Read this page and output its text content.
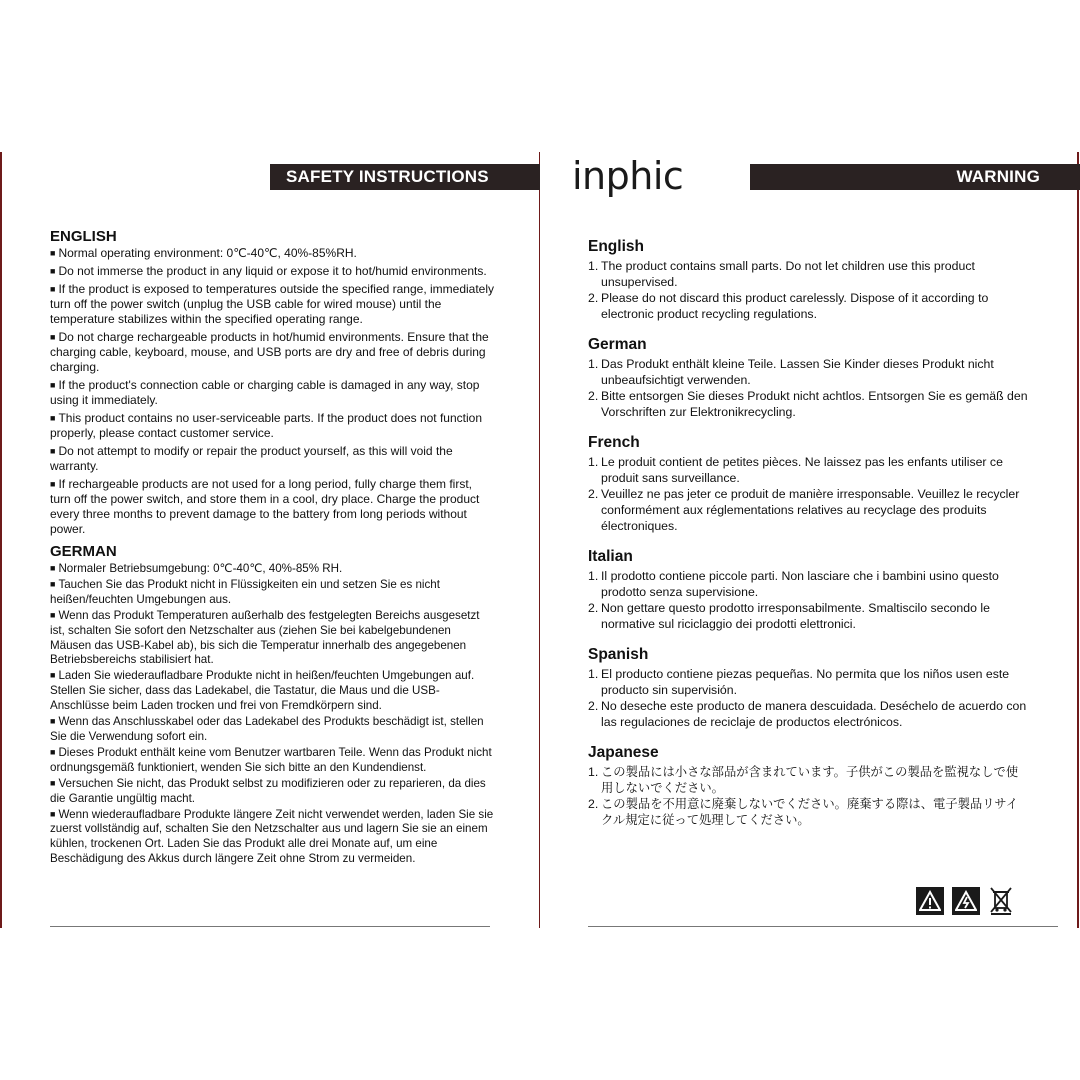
SAFETY INSTRUCTIONS
ENGLISH

■ Normal operating environment: 0℃-40℃, 40%-85%RH.

■ Do not immerse the product in any liquid or expose it to hot/humid environments.

■ If the product is exposed to temperatures outside the specified range, immediately turn off the power switch (unplug the USB cable for wired mouse) until the temperature stabilizes within the specified operating range.

■ Do not charge rechargeable products in hot/humid environments. Ensure that the charging cable, keyboard, mouse, and USB ports are dry and free of debris during charging.

■ If the product's connection cable or charging cable is damaged in any way, stop using it immediately.

■ This product contains no user-serviceable parts. If the product does not function properly, please contact customer service.

■ Do not attempt to modify or repair the product yourself, as this will void the warranty.

■ If rechargeable products are not used for a long period, fully charge them first, turn off the power switch, and store them in a cool, dry place. Charge the product every three months to prevent damage to the battery from long periods without power.

GERMAN

■ Normaler Betriebsumgebung: 0℃-40℃, 40%-85% RH.

■ Tauchen Sie das Produkt nicht in Flüssigkeiten ein und setzen Sie es nicht heißen/feuchten Umgebungen aus.

■ Wenn das Produkt Temperaturen außerhalb des festgelegten Bereichs ausgesetzt ist, schalten Sie sofort den Netzschalter aus (ziehen Sie bei kabelgebundenen Mäusen das USB-Kabel ab), bis sich die Temperatur innerhalb des angegebenen Betriebsbereichs stabilisiert hat.

■ Laden Sie wiederaufladbare Produkte nicht in heißen/feuchten Umgebungen auf. Stellen Sie sicher, dass das Ladekabel, die Tastatur, die Maus und die USB-Anschlüsse beim Laden trocken und frei von Fremdkörpern sind.

■ Wenn das Anschlusskabel oder das Ladekabel des Produkts beschädigt ist, stellen Sie die Verwendung sofort ein.

■ Dieses Produkt enthält keine vom Benutzer wartbaren Teile. Wenn das Produkt nicht ordnungsgemäß funktioniert, wenden Sie sich bitte an den Kundendienst.

■ Versuchen Sie nicht, das Produkt selbst zu modifizieren oder zu reparieren, da dies die Garantie ungültig macht.

■ Wenn wiederaufladbare Produkte längere Zeit nicht verwendet werden, laden Sie sie zuerst vollständig auf, schalten Sie den Netzschalter aus und lagern Sie sie an einem kühlen, trockenen Ort. Laden Sie das Produkt alle drei Monate auf, um eine Beschädigung des Akkus durch längere Zeit ohne Strom zu vermeiden.

inphic	WARNING
English
1. The product contains small parts. Do not let children use this product unsupervised.
2. Please do not discard this product carelessly. Dispose of it according to electronic product recycling regulations.
German
1. Das Produkt enthält kleine Teile. Lassen Sie Kinder dieses Produkt nicht unbeaufsichtigt verwenden.
2. Bitte entsorgen Sie dieses Produkt nicht achtlos. Entsorgen Sie es gemäß den Vorschriften zur Elektronikrecycling.
French
1. Le produit contient de petites pièces. Ne laissez pas les enfants utiliser ce produit sans surveillance.
2. Veuillez ne pas jeter ce produit de manière irresponsable. Veuillez le recycler conformément aux réglementations relatives au recyclage des produits électroniques.
Italian
1. Il prodotto contiene piccole parti. Non lasciare che i bambini usino questo prodotto senza supervisione.
2. Non gettare questo prodotto irresponsabilmente. Smaltiscilo secondo le normative sul riciclaggio dei prodotti elettronici.
Spanish
1. El producto contiene piezas pequeñas. No permita que los niños usen este producto sin supervisión.
2. No deseche este producto de manera descuidada. Deséchelo de acuerdo con las regulaciones de reciclaje de productos electrónicos.
Japanese
1. この製品には小さな部品が含まれています。子供がこの製品を監視なしで使用しないでください。
2. この製品を不用意に廃棄しないでください。廃棄する際は、電子製品リサイクル規定に従って処理してください。
